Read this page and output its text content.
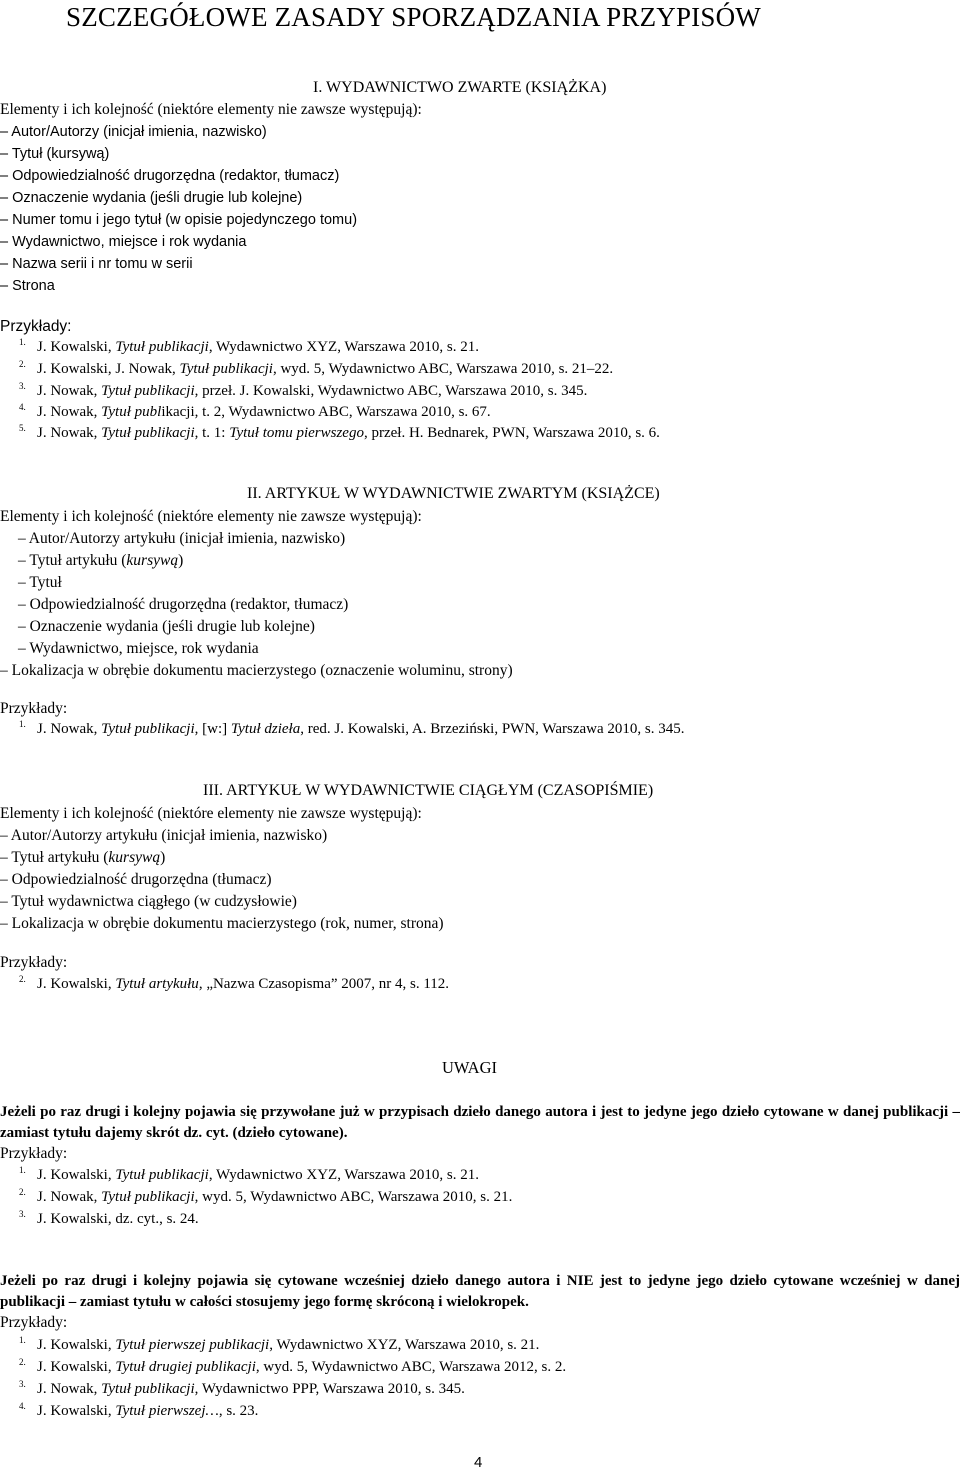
SZCZEGÓŁOWE ZASADY SPORZĄDZANIA PRZYPISÓW
I. WYDAWNICTWO ZWARTE (KSIĄŻKA)
Elementy i ich kolejność (niektóre elementy nie zawsze występują):
– Autor/Autorzy (inicjał imienia, nazwisko)
– Tytuł (kursywą)
– Odpowiedzialność drugorzędna (redaktor, tłumacz)
– Oznaczenie wydania (jeśli drugie lub kolejne)
– Numer tomu i jego tytuł (w opisie pojedynczego tomu)
– Wydawnictwo, miejsce i rok wydania
– Nazwa serii i nr tomu w serii
– Strona
Przykłady:
1. J. Kowalski, Tytuł publikacji, Wydawnictwo XYZ, Warszawa 2010, s. 21.
2. J. Kowalski, J. Nowak, Tytuł publikacji, wyd. 5, Wydawnictwo ABC, Warszawa 2010, s. 21–22.
3. J. Nowak, Tytuł publikacji, przeł. J. Kowalski, Wydawnictwo ABC, Warszawa 2010, s. 345.
4. J. Nowak, Tytuł publikacji, t. 2, Wydawnictwo ABC, Warszawa 2010, s. 67.
5. J. Nowak, Tytuł publikacji, t. 1: Tytuł tomu pierwszego, przeł. H. Bednarek, PWN, Warszawa 2010, s. 6.
II. ARTYKUŁ W WYDAWNICTWIE ZWARTYM (KSIĄŻCE)
Elementy i ich kolejność (niektóre elementy nie zawsze występują):
– Autor/Autorzy artykułu (inicjał imienia, nazwisko)
– Tytuł artykułu (kursywą)
– Tytuł
– Odpowiedzialność drugorzędna (redaktor, tłumacz)
– Oznaczenie wydania (jeśli drugie lub kolejne)
– Wydawnictwo, miejsce, rok wydania
– Lokalizacja w obrębie dokumentu macierzystego (oznaczenie woluminu, strony)
Przykłady:
1. J. Nowak, Tytuł publikacji, [w:] Tytuł dzieła, red. J. Kowalski, A. Brzeziński, PWN, Warszawa 2010, s. 345.
III. ARTYKUŁ W WYDAWNICTWIE CIĄGŁYM (CZASOPIŚMIE)
Elementy i ich kolejność (niektóre elementy nie zawsze występują):
– Autor/Autorzy artykułu (inicjał imienia, nazwisko)
– Tytuł artykułu (kursywą)
– Odpowiedzialność drugorzędna (tłumacz)
– Tytuł wydawnictwa ciągłego (w cudzysłowie)
– Lokalizacja w obrębie dokumentu macierzystego (rok, numer, strona)
Przykłady:
2. J. Kowalski, Tytuł artykułu, „Nazwa Czasopisma” 2007, nr 4, s. 112.
UWAGI
Jeżeli po raz drugi i kolejny pojawia się przywołane już w przypisach dzieło danego autora i jest to jedyne jego dzieło cytowane w danej publikacji – zamiast tytułu dajemy skrót dz. cyt. (dzieło cytowane).
Przykłady:
1. J. Kowalski, Tytuł publikacji, Wydawnictwo XYZ, Warszawa 2010, s. 21.
2. J. Nowak, Tytuł publikacji, wyd. 5, Wydawnictwo ABC, Warszawa 2010, s. 21.
3. J. Kowalski, dz. cyt., s. 24.
Jeżeli po raz drugi i kolejny pojawia się cytowane wcześniej dzieło danego autora i NIE jest to jedyne jego dzieło cytowane wcześniej w danej publikacji – zamiast tytułu w całości stosujemy jego formę skróconą i wielokropek.
Przykłady:
1. J. Kowalski, Tytuł pierwszej publikacji, Wydawnictwo XYZ, Warszawa 2010, s. 21.
2. J. Kowalski, Tytuł drugiej publikacji, wyd. 5, Wydawnictwo ABC, Warszawa 2012, s. 2.
3. J. Nowak, Tytuł publikacji, Wydawnictwo PPP, Warszawa 2010, s. 345.
4. J. Kowalski, Tytuł pierwszej…, s. 23.
4
